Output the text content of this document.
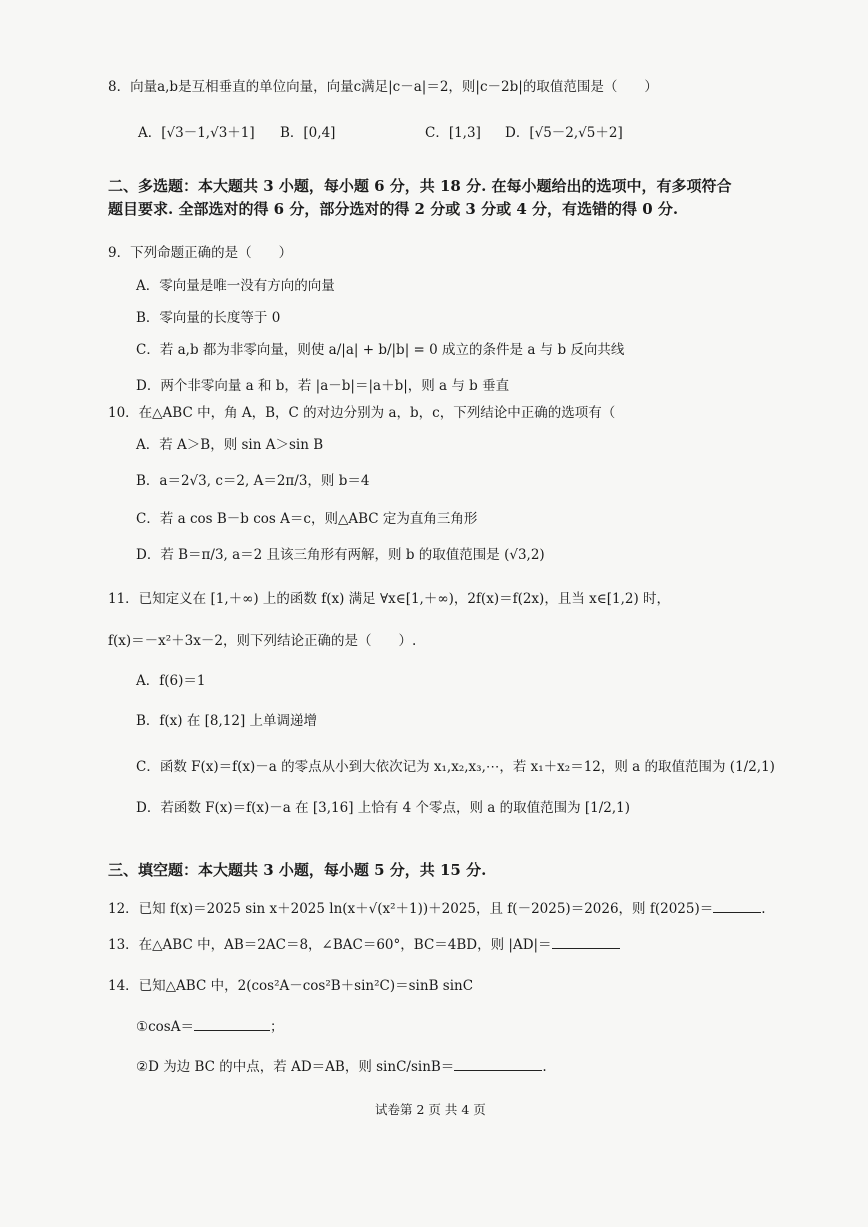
8．向量a,b是互相垂直的单位向量，向量c满足|c－a|＝2，则|c－2b|的取值范围是（　　）
A．[√3－1,√3＋1] B．[0,4]	C．[1,3] D．[√5－2,√5＋2]
二、多选题：本大题共 3 小题，每小题 6 分，共 18 分. 在每小题给出的选项中，有多项符合
题目要求. 全部选对的得 6 分，部分选对的得 2 分或 3 分或 4 分，有选错的得 0 分.
9．下列命题正确的是（　　）
A．零向量是唯一没有方向的向量
B．零向量的长度等于 0
C．若 a,b 都为非零向量，则使 a/|a| + b/|b| = 0 成立的条件是 a 与 b 反向共线
D．两个非零向量 a 和 b，若 |a－b|＝|a＋b|，则 a 与 b 垂直
10．在△ABC 中，角 A，B，C 的对边分别为 a，b，c，下列结论中正确的选项有（
A．若 A＞B，则 sin A＞sin B
B．a＝2√3, c＝2, A＝2π/3，则 b＝4
C．若 a cos B－b cos A＝c，则△ABC 定为直角三角形
D．若 B＝π/3, a＝2 且该三角形有两解，则 b 的取值范围是 (√3,2)
11．已知定义在 [1,＋∞) 上的函数 f(x) 满足 ∀x∈[1,＋∞)，2f(x)＝f(2x)，且当 x∈[1,2) 时，
f(x)＝－x²＋3x－2，则下列结论正确的是（　　）.
A．f(6)＝1
B．f(x) 在 [8,12] 上单调递增
C．函数 F(x)＝f(x)－a 的零点从小到大依次记为 x₁,x₂,x₃,⋯，若 x₁＋x₂＝12，则 a 的取值范围为 (1/2,1)
D．若函数 F(x)＝f(x)－a 在 [3,16] 上恰有 4 个零点，则 a 的取值范围为 [1/2,1)
三、填空题：本大题共 3 小题，每小题 5 分，共 15 分.
12．已知 f(x)＝2025 sin x＋2025 ln(x＋√(x²＋1))＋2025，且 f(－2025)＝2026，则 f(2025)＝	.
13．在△ABC 中，AB＝2AC＝8，∠BAC＝60°，BC＝4BD，则 |AD|＝
14．已知△ABC 中，2(cos²A－cos²B＋sin²C)＝sinB sinC
①cosA＝	；
②D 为边 BC 的中点，若 AD＝AB，则 sinC/sinB＝	.
试卷第 2 页 共 4 页
